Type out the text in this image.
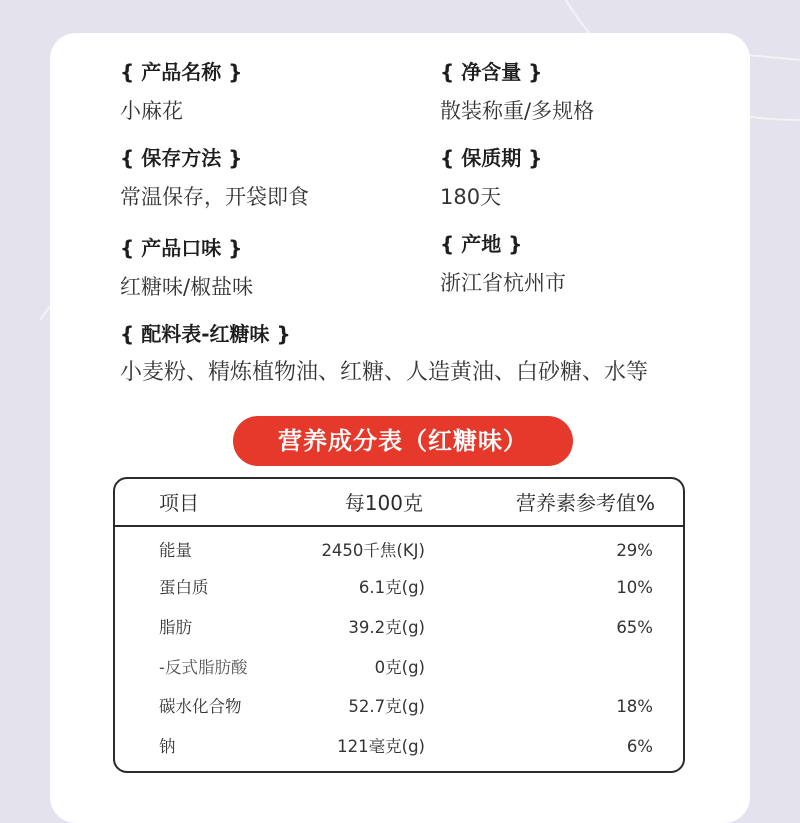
{ 产品名称 }
小麻花
{ 净含量 }
散装称重/多规格
{ 保存方法 }
常温保存，开袋即食
{ 保质期 }
180天
{ 产品口味 }
红糖味/椒盐味
{ 产地 }
浙江省杭州市
{ 配料表-红糖味 }
小麦粉、精炼植物油、红糖、人造黄油、白砂糖、水等
营养成分表（红糖味）
项目	每100克	营养素参考值%
能量	2450千焦(KJ)	29%
蛋白质	6.1克(g)	10%
脂肪	39.2克(g)	65%
-反式脂肪酸	0克(g)
碳水化合物	52.7克(g)	18%
钠	121毫克(g)	6%
